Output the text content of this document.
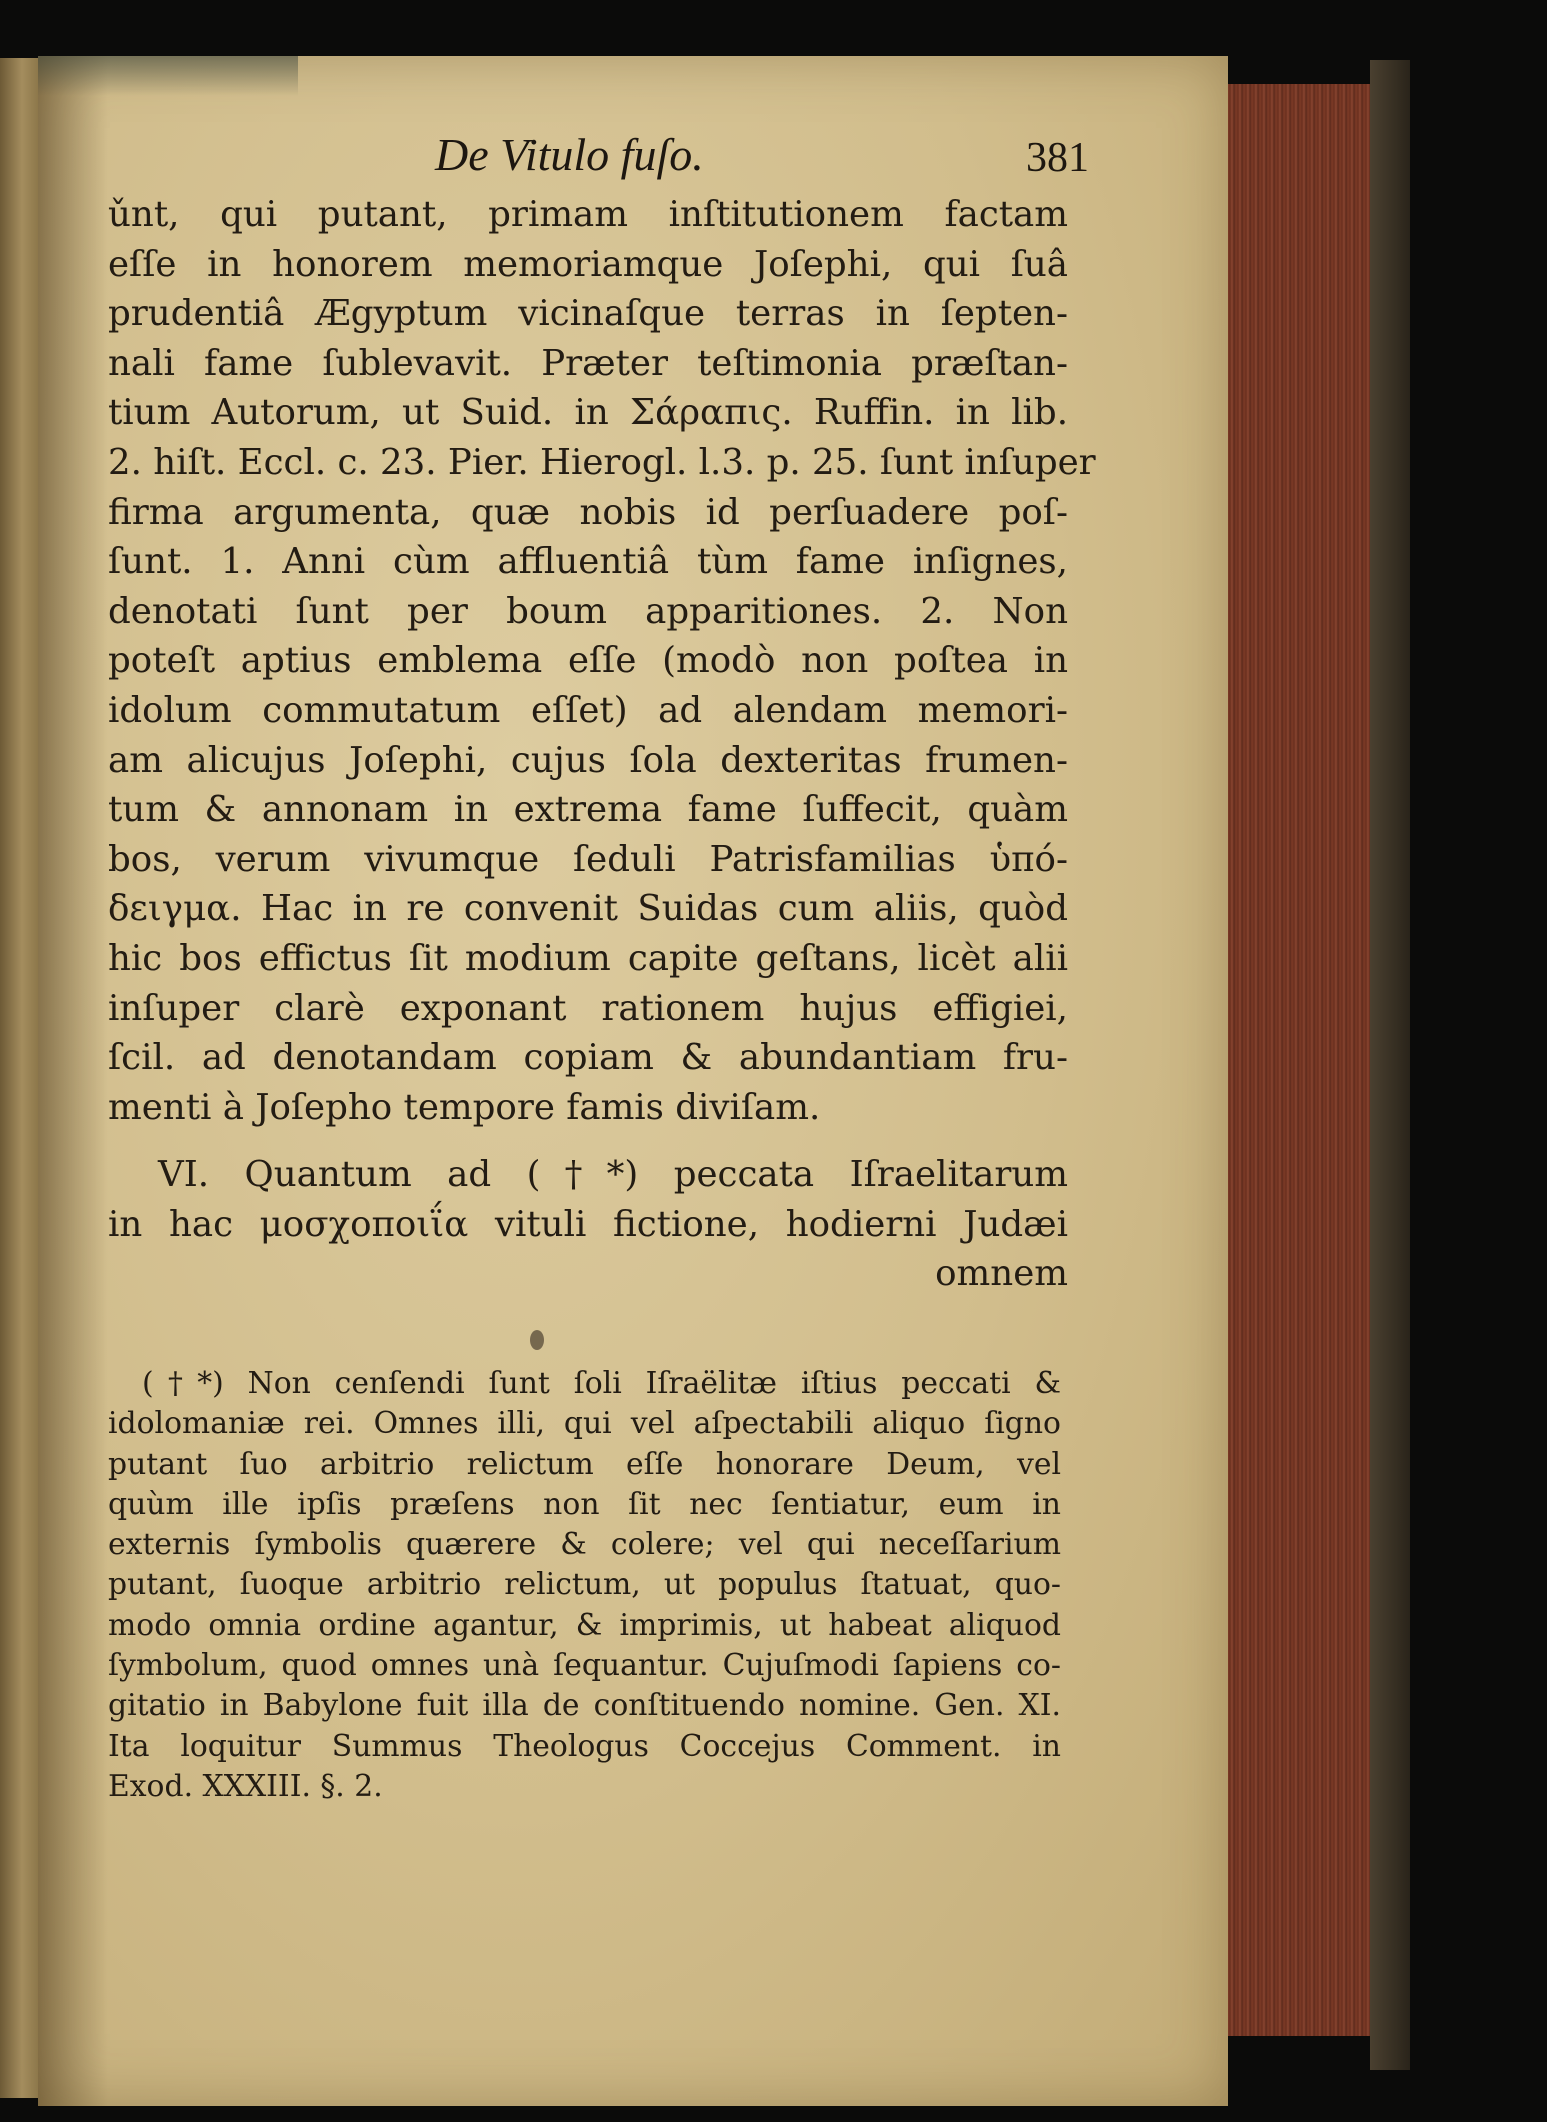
De Vitulo fuſo.	381
ǔnt, qui putant, primam inſtitutionem factam
eſſe in honorem memoriamque Joſephi, qui ſuâ
prudentiâ Ægyptum vicinaſque terras in ſepten-
nali fame ſublevavit. Præter teſtimonia præſtan-
tium Autorum, ut Suid. in Σάραπις. Ruffin. in lib.
2. hiſt. Eccl. c. 23. Pier. Hierogl. l.3. p. 25. ſunt inſuper
firma argumenta, quæ nobis id perſuadere poſ-
ſunt. 1. Anni cùm affluentiâ tùm fame inſignes,
denotati ſunt per boum apparitiones. 2. Non
poteſt aptius emblema eſſe (modò non poſtea in
idolum commutatum eſſet) ad alendam memori-
am alicujus Joſephi, cujus ſola dexteritas frumen-
tum & annonam in extrema fame ſuffecit, quàm
bos, verum vivumque ſeduli Patrisfamilias ὑπό-
δειγμα. Hac in re convenit Suidas cum aliis, quòd
hic bos effictus ſit modium capite geſtans, licèt alii
inſuper clarè exponant rationem hujus effigiei,
ſcil. ad denotandam copiam & abundantiam fru-
menti à Joſepho tempore famis diviſam.
VI. Quantum ad (†*) peccata Iſraelitarum
in hac μοσχοποιΐα vituli fictione, hodierni Judæi
omnem
(†*) Non cenſendi ſunt ſoli Iſraëlitæ iſtius peccati &
idolomaniæ rei. Omnes illi, qui vel aſpectabili aliquo ſigno
putant ſuo arbitrio relictum eſſe honorare Deum, vel
quùm ille ipſis præſens non ſit nec ſentiatur, eum in
externis ſymbolis quærere & colere; vel qui neceſſarium
putant, ſuoque arbitrio relictum, ut populus ſtatuat, quo-
modo omnia ordine agantur, & imprimis, ut habeat aliquod
ſymbolum, quod omnes unà ſequantur. Cujuſmodi ſapiens co-
gitatio in Babylone fuit illa de conſtituendo nomine. Gen. XI.
Ita loquitur Summus Theologus Coccejus Comment. in
Exod. XXXIII. §. 2.
